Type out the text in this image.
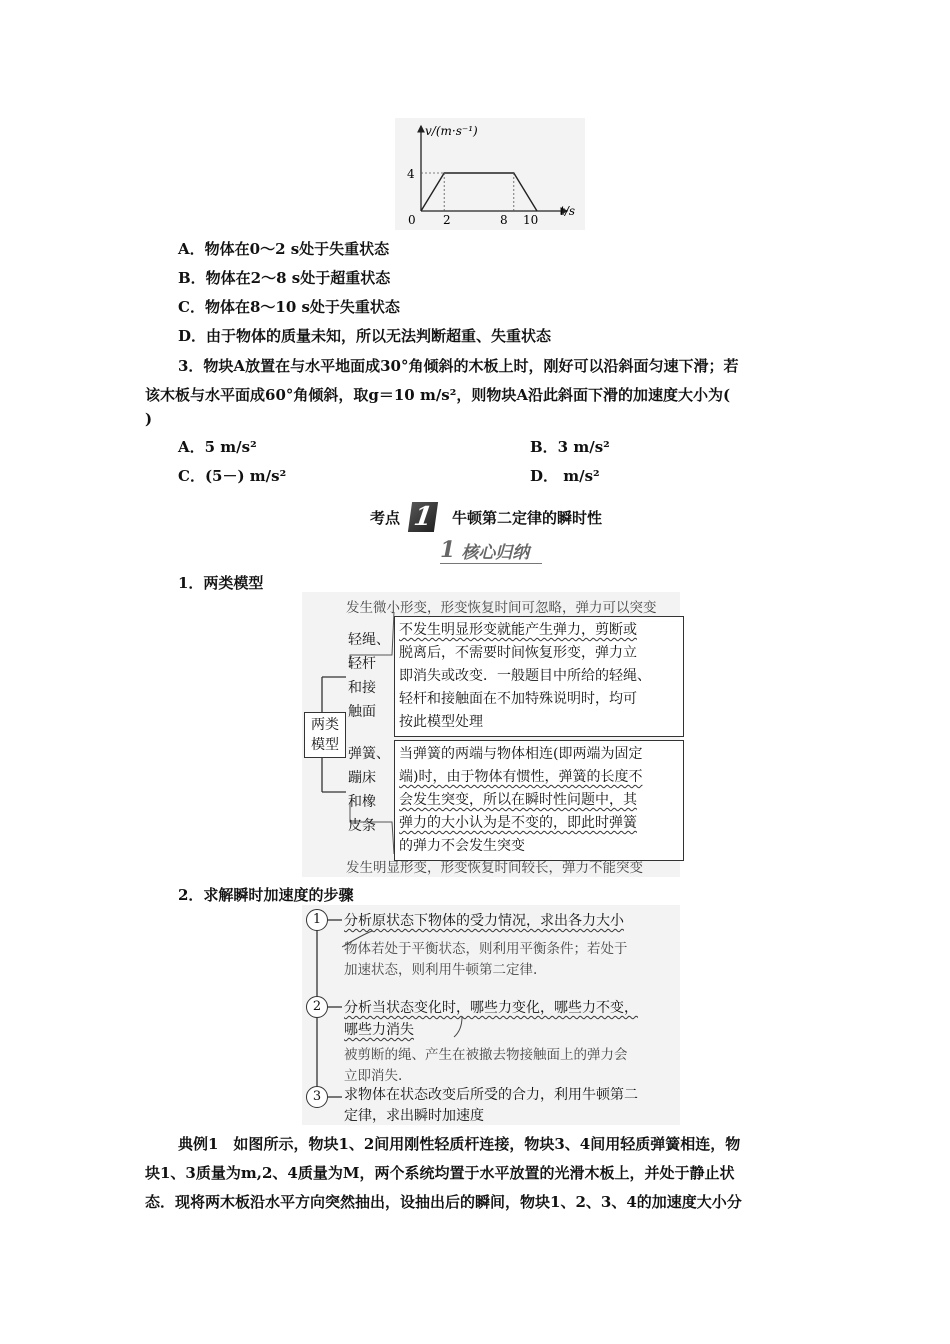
v/(m·s⁻¹)
t/s
4
0 2	8 10
A．物体在0～2 s处于失重状态
B．物体在2～8 s处于超重状态
C．物体在8～10 s处于失重状态
D．由于物体的质量未知，所以无法判断超重、失重状态
3．物块A放置在与水平地面成30°角倾斜的木板上时，刚好可以沿斜面匀速下滑；若
该木板与水平面成60°角倾斜，取g＝10 m/s²，则物块A沿此斜面下滑的加速度大小为(
)
A．5 m/s²	B．3 m/s²
C．(5－) m/s²	D． m/s²
考点 1 牛顿第二定律的瞬时性
1 核心归纳
1．两类模型
发生微小形变，形变恢复时间可忽略，弹力可以突变
两类
模型
轻绳、
轻杆
和接
触面
不发生明显形变就能产生弹力，剪断或
脱离后，不需要时间恢复形变，弹力立
即消失或改变．一般题目中所给的轻绳、
轻杆和接触面在不加特殊说明时，均可
按此模型处理
弹簧、
蹦床
和橡
皮条
当弹簧的两端与物体相连(即两端为固定
端)时，由于物体有惯性，弹簧的长度不
会发生突变，所以在瞬时性问题中，其
弹力的大小认为是不变的，即此时弹簧
的弹力不会发生突变
发生明显形变，形变恢复时间较长，弹力不能突变
2．求解瞬时加速度的步骤
1	分析原状态下物体的受力情况，求出各力大小
物体若处于平衡状态，则利用平衡条件；若处于
加速状态，则利用牛顿第二定律.
2	分析当状态变化时，哪些力变化，哪些力不变，
哪些力消失
被剪断的绳、产生在被撤去物接触面上的弹力会
立即消失.
3	求物体在状态改变后所受的合力，利用牛顿第二
定律，求出瞬时加速度
典例1　如图所示，物块1、2间用刚性轻质杆连接，物块3、4间用轻质弹簧相连，物
块1、3质量为m,2、4质量为M，两个系统均置于水平放置的光滑木板上，并处于静止状
态．现将两木板沿水平方向突然抽出，设抽出后的瞬间，物块1、2、3、4的加速度大小分
